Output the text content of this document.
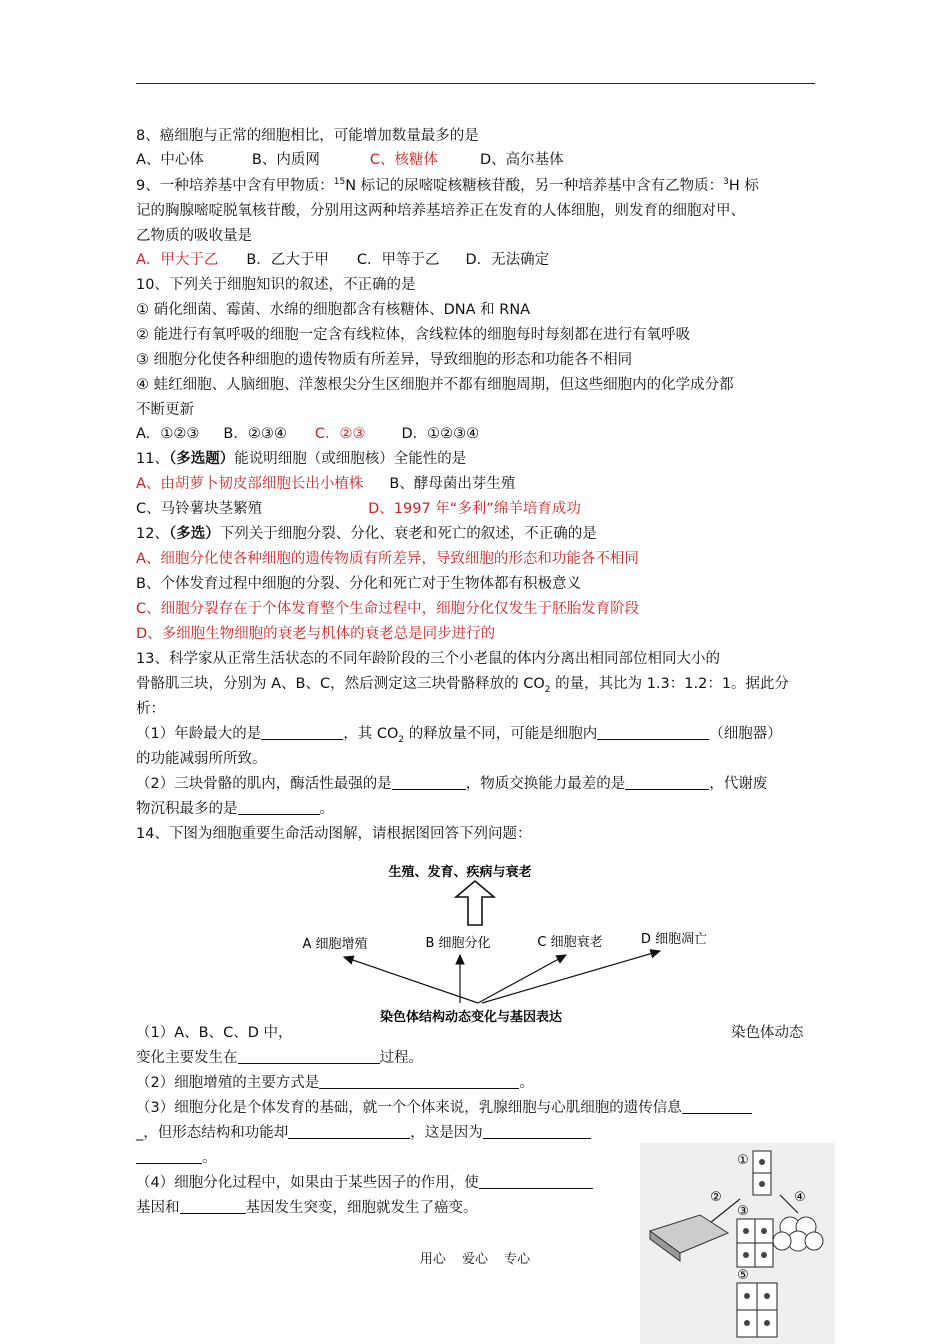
8、癌细胞与正常的细胞相比，可能增加数量最多的是
A、中心体	B、内质网	C、核糖体	D、高尔基体
9、一种培养基中含有甲物质：$^{15}$N 标记的尿嘧啶核糖核苷酸，另一种培养基中含有乙物质：$^3$H 标
记的胸腺嘧啶脱氧核苷酸，分别用这两种培养基培养正在发育的人体细胞，则发育的细胞对甲、
乙物质的吸收量是
A．甲大于乙 B．乙大于甲 C．甲等于乙 D．无法确定
10、下列关于细胞知识的叙述，不正确的是
① 硝化细菌、霉菌、水绵的细胞都含有核糖体、DNA 和 RNA
② 能进行有氧呼吸的细胞一定含有线粒体，含线粒体的细胞每时每刻都在进行有氧呼吸
③ 细胞分化使各种细胞的遗传物质有所差异，导致细胞的形态和功能各不相同
④ 蛙红细胞、人脑细胞、洋葱根尖分生区细胞并不都有细胞周期，但这些细胞内的化学成分都
不断更新
A．①②③ B．②③④ C．②③ D．①②③④
11、（多选题）能说明细胞（或细胞核）全能性的是
A、由胡萝卜韧皮部细胞长出小植株 B、酵母菌出芽生殖
C、马铃薯块茎繁殖	D、1997 年“多利”绵羊培育成功
12、（多选）下列关于细胞分裂、分化、衰老和死亡的叙述，不正确的是
A、细胞分化使各种细胞的遗传物质有所差异，导致细胞的形态和功能各不相同
B、个体发育过程中细胞的分裂、分化和死亡对于生物体都有积极意义
C、细胞分裂存在于个体发育整个生命过程中，细胞分化仅发生于胚胎发育阶段
D、多细胞生物细胞的衰老与机体的衰老总是同步进行的
13、科学家从正常生活状态的不同年龄阶段的三个小老鼠的体内分离出相同部位相同大小的
骨骼肌三块，分别为 A、B、C，然后测定这三块骨骼释放的 $CO_2$ 的量，其比为 1.3：1.2：1。据此分
析：
（1）年龄最大的是	，其 $CO_2$ 的释放量不同，可能是细胞内	（细胞器）
的功能减弱所所致。
（2）三块骨骼的肌内，酶活性最强的是	，物质交换能力最差的是	，代谢废
物沉积最多的是	。
14、下图为细胞重要生命活动图解，请根据图回答下列问题：
生殖、发育、疾病与衰老
A 细胞增殖	B 细胞分化	C 细胞衰老	D 细胞凋亡
染色体结构动态变化与基因表达
（1）A、B、C、D 中，	染色体动态
变化主要发生在	过程。
（2）细胞增殖的主要方式是	。
（3）细胞分化是个体发育的基础，就一个个体来说，乳腺细胞与心肌细胞的遗传信息
_，但形态结构和功能却	，这是因为
。
（4）细胞分化过程中，如果由于某些因子的作用，使
基因和	基因发生突变，细胞就发生了癌变。
①
②	④
③
⑤
用心 爱心 专心
